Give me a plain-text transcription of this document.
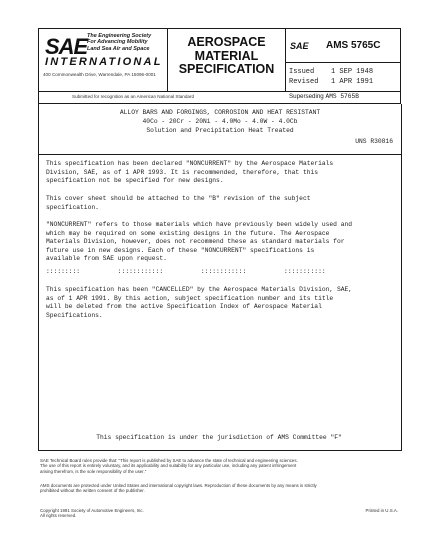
SAE The Engineering Society
For Advancing Mobility
Land Sea Air and Space
INTERNATIONAL
400 Commonwealth Drive, Warrendale, PA 15096-0001
AEROSPACE
MATERIAL
SPECIFICATION
SAE AMS 5765C
Issued 1 SEP 1948
Revised 1 APR 1991
Superseding AMS 5765B
Submitted for recognition as an American National Standard
ALLOY BARS AND FORGINGS, CORROSION AND HEAT RESISTANT
40Co - 20Cr - 20Ni - 4.0Mo - 4.0W - 4.0Cb
Solution and Precipitation Heat Treated
UNS R30816
This specification has been declared "NONCURRENT" by the Aerospace Materials
Division, SAE, as of 1 APR 1993. It is recommended, therefore, that this
specification not be specified for new designs.
This cover sheet should be attached to the "B" revision of the subject
specification.
"NONCURRENT" refers to those materials which have previously been widely used and
which may be required on some existing designs in the future. The Aerospace
Materials Division, however, does not recommend these as standard materials for
future use in new designs. Each of these "NONCURRENT" specifications is
available from SAE upon request.
:::::::::          ::::::::::::          ::::::::::::          :::::::::::
This specification has been "CANCELLED" by the Aerospace Materials Division, SAE,
as of 1 APR 1991. By this action, subject specification number and its title
will be deleted from the active Specification Index of Aerospace Material
Specifications.
This specification is under the jurisdiction of AMS Committee "F"
SAE Technical Board rules provide that: "This report is published by SAE to advance the state of technical and engineering sciences.
The use of this report is entirely voluntary, and its applicability and suitability for any particular use, including any patent infringement
arising therefrom, is the sole responsibility of the user."
AMS documents are protected under United States and international copyright laws. Reproduction of these documents by any means is strictly
prohibited without the written consent of the publisher.
Copyright 1991 Society of Automotive Engineers, Inc.
All rights reserved.
Printed in U.S.A.
